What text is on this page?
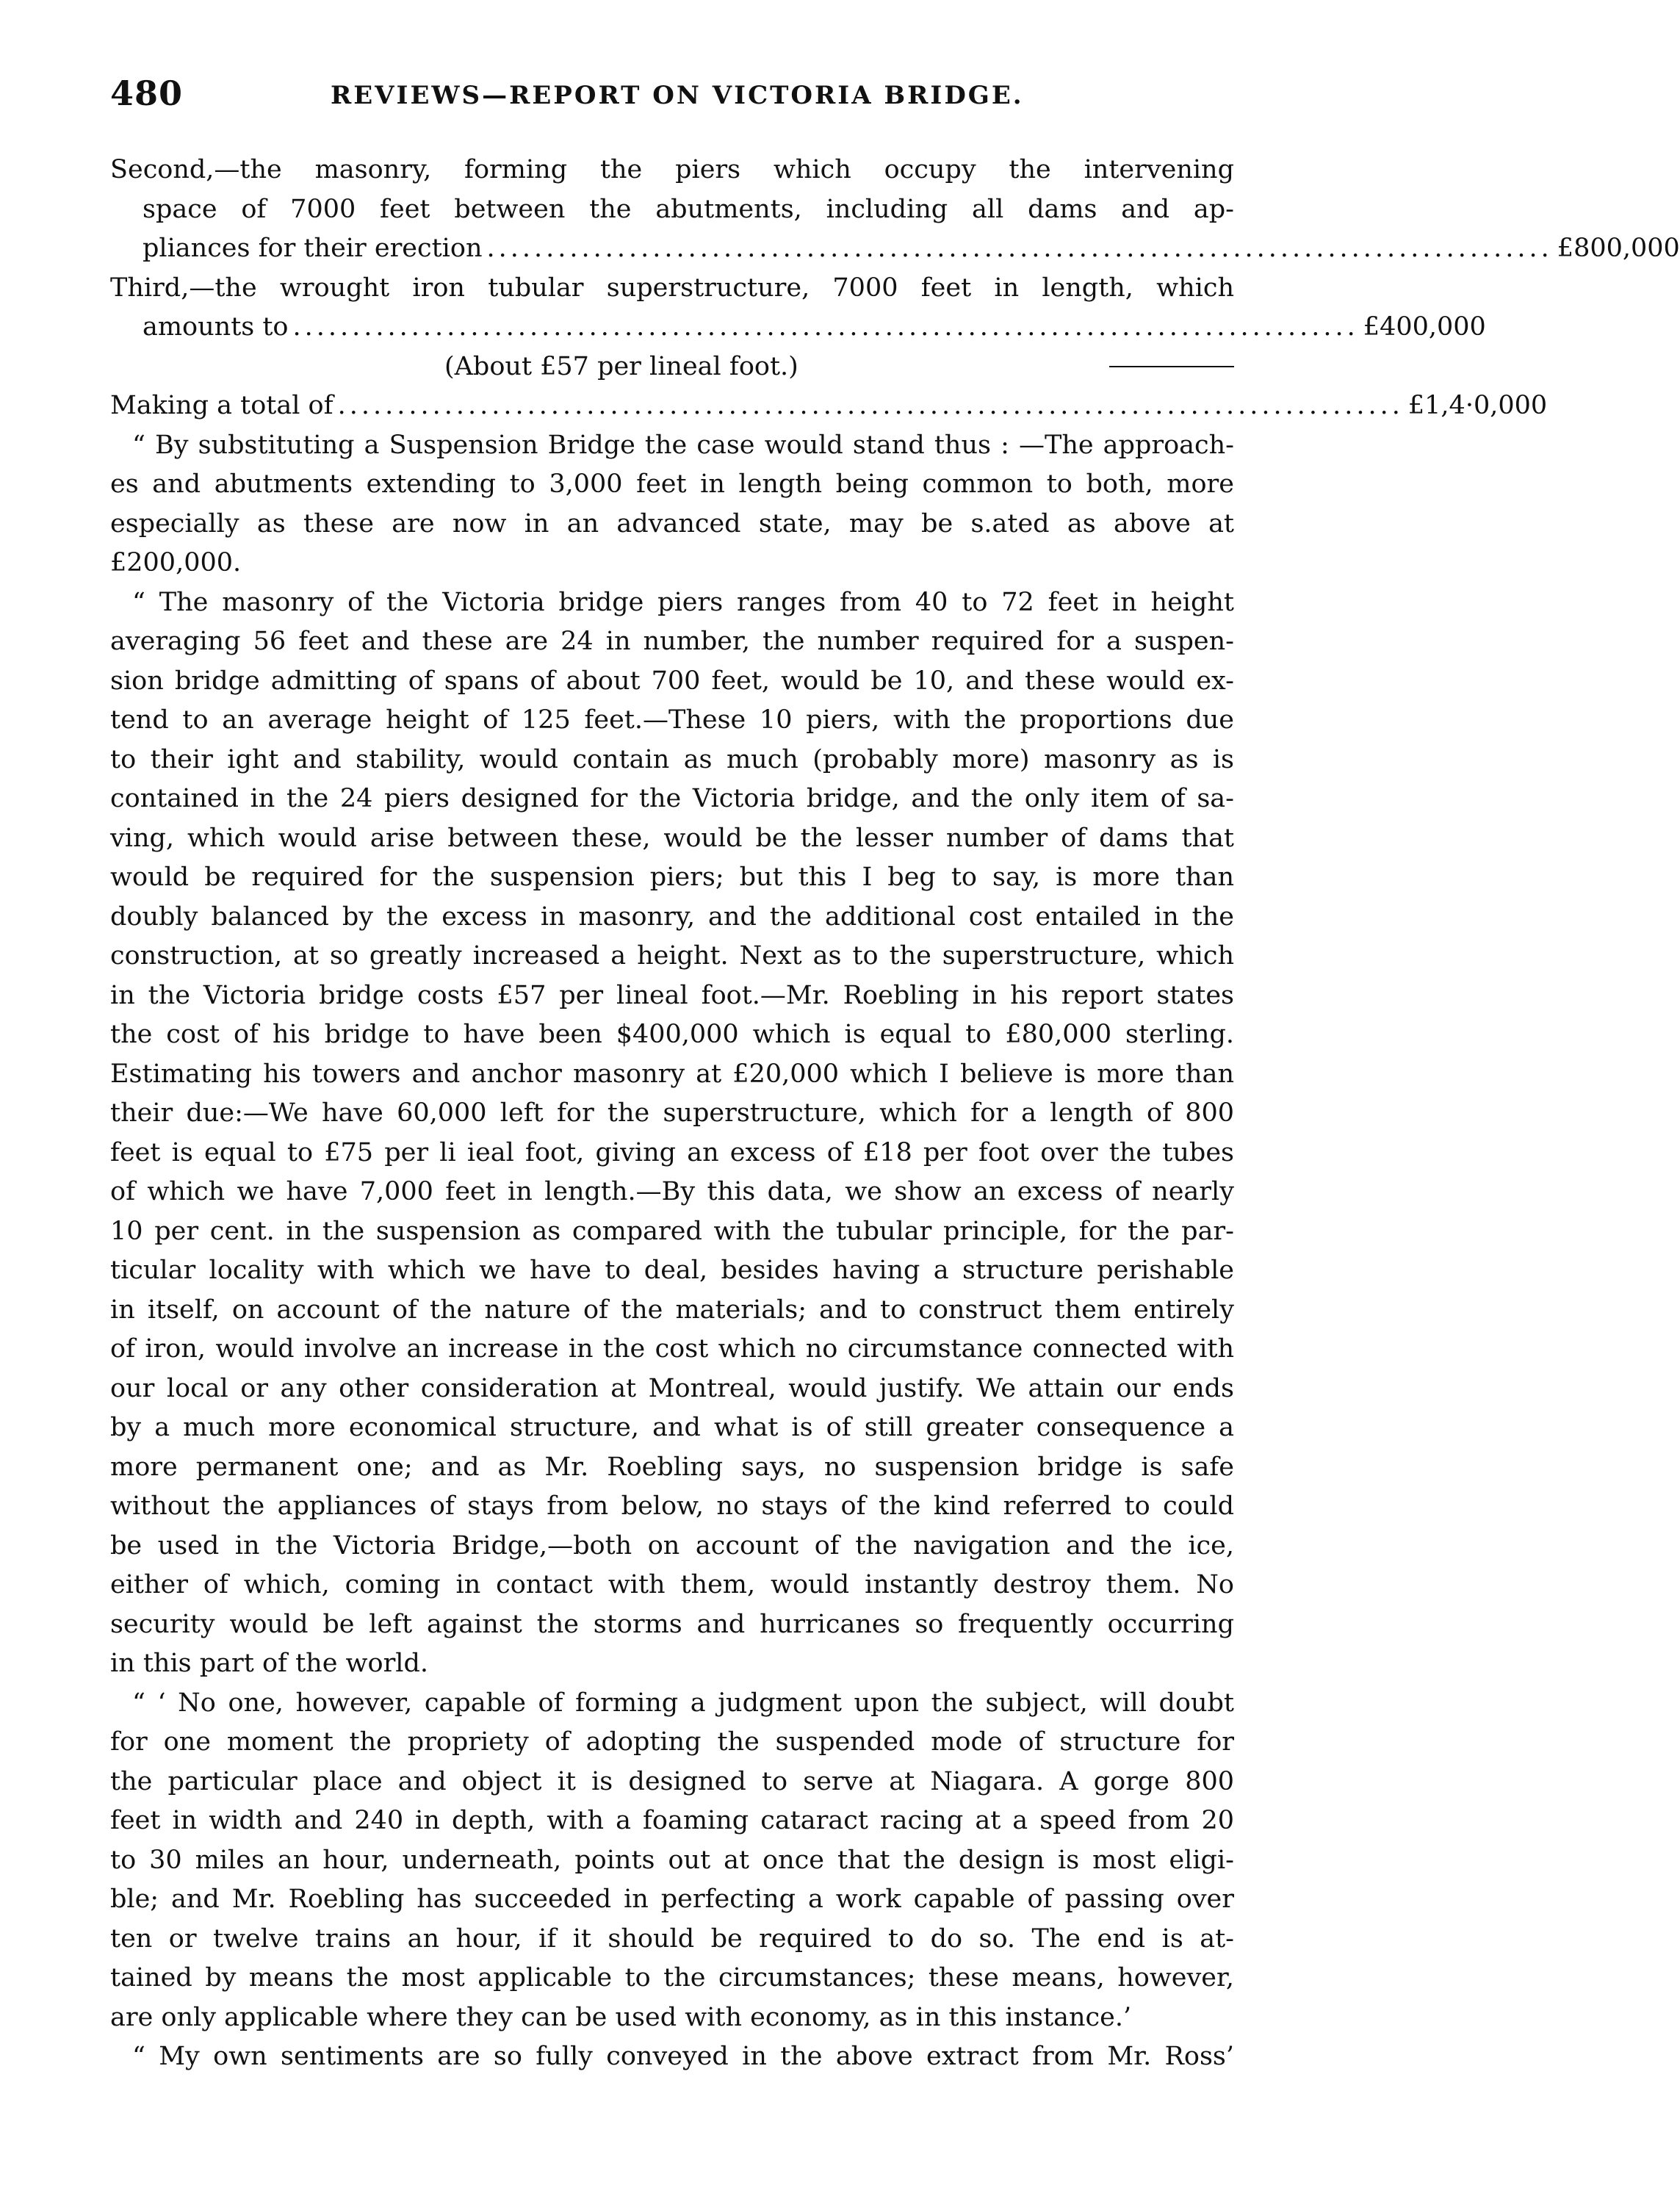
480	REVIEWS—REPORT ON VICTORIA BRIDGE.
Second,—the masonry, forming the piers which occupy the intervening
space of 7000 feet between the abutments, including all dams and ap-
pliances for their erection .......................................................................................... £800,000
Third,—the wrought iron tubular superstructure, 7000 feet in length, which
amounts to .......................................................................................... £400,000
(About £57 per lineal foot.)
Making a total of .......................................................................................... £1,4·0,000
“ By substituting a Suspension Bridge the case would stand thus : —The approach-
es and abutments extending to 3,000 feet in length being common to both, more
especially as these are now in an advanced state, may be s.ated as above at
£200,000.
“ The masonry of the Victoria bridge piers ranges from 40 to 72 feet in height
averaging 56 feet and these are 24 in number, the number required for a suspen-
sion bridge admitting of spans of about 700 feet, would be 10, and these would ex-
tend to an average height of 125 feet.—These 10 piers, with the proportions due
to their ight and stability, would contain as much (probably more) masonry as is
contained in the 24 piers designed for the Victoria bridge, and the only item of sa-
ving, which would arise between these, would be the lesser number of dams that
would be required for the suspension piers; but this I beg to say, is more than
doubly balanced by the excess in masonry, and the additional cost entailed in the
construction, at so greatly increased a height. Next as to the superstructure, which
in the Victoria bridge costs £57 per lineal foot.—Mr. Roebling in his report states
the cost of his bridge to have been $400,000 which is equal to £80,000 sterling.
Estimating his towers and anchor masonry at £20,000 which I believe is more than
their due:—We have 60,000 left for the superstructure, which for a length of 800
feet is equal to £75 per li ieal foot, giving an excess of £18 per foot over the tubes
of which we have 7,000 feet in length.—By this data, we show an excess of nearly
10 per cent. in the suspension as compared with the tubular principle, for the par-
ticular locality with which we have to deal, besides having a structure perishable
in itself, on account of the nature of the materials; and to construct them entirely
of iron, would involve an increase in the cost which no circumstance connected with
our local or any other consideration at Montreal, would justify. We attain our ends
by a much more economical structure, and what is of still greater consequence a
more permanent one; and as Mr. Roebling says, no suspension bridge is safe
without the appliances of stays from below, no stays of the kind referred to could
be used in the Victoria Bridge,—both on account of the navigation and the ice,
either of which, coming in contact with them, would instantly destroy them. No
security would be left against the storms and hurricanes so frequently occurring
in this part of the world.
“ ‘ No one, however, capable of forming a judgment upon the subject, will doubt
for one moment the propriety of adopting the suspended mode of structure for
the particular place and object it is designed to serve at Niagara. A gorge 800
feet in width and 240 in depth, with a foaming cataract racing at a speed from 20
to 30 miles an hour, underneath, points out at once that the design is most eligi-
ble; and Mr. Roebling has succeeded in perfecting a work capable of passing over
ten or twelve trains an hour, if it should be required to do so. The end is at-
tained by means the most applicable to the circumstances; these means, however,
are only applicable where they can be used with economy, as in this instance.’
“ My own sentiments are so fully conveyed in the above extract from Mr. Ross’
